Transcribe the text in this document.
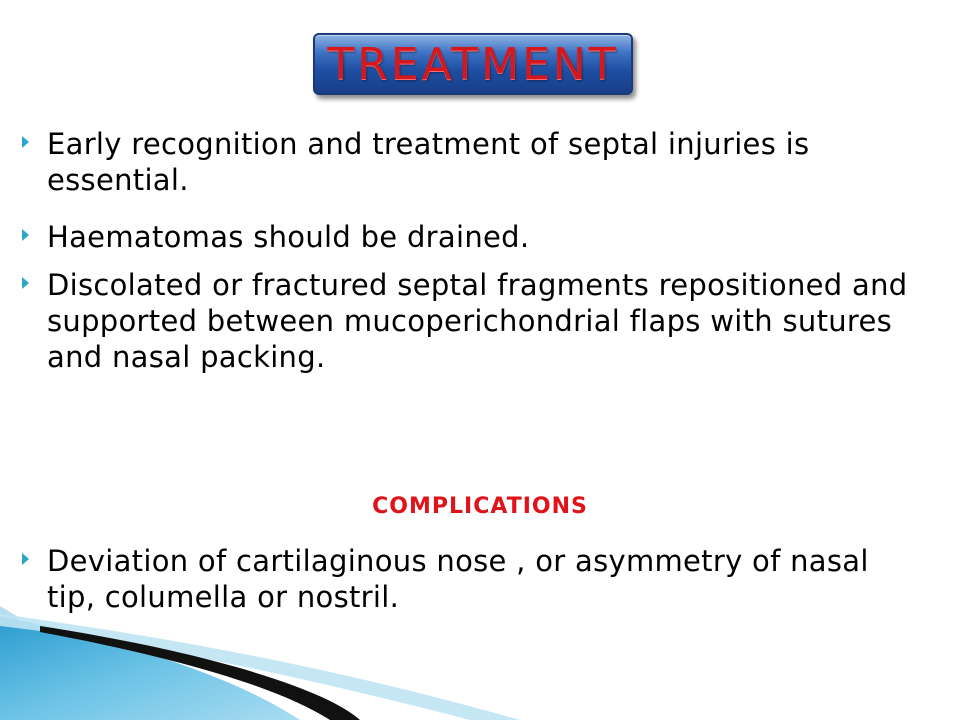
TREATMENT
Early recognition and treatment of septal injuries is essential.
Haematomas should be drained.
Discolated or fractured septal fragments repositioned and supported between mucoperichondrial flaps with sutures and nasal packing.
Deviation of cartilaginous nose , or asymmetry of nasal tip, columella or nostril.
COMPLICATIONS
